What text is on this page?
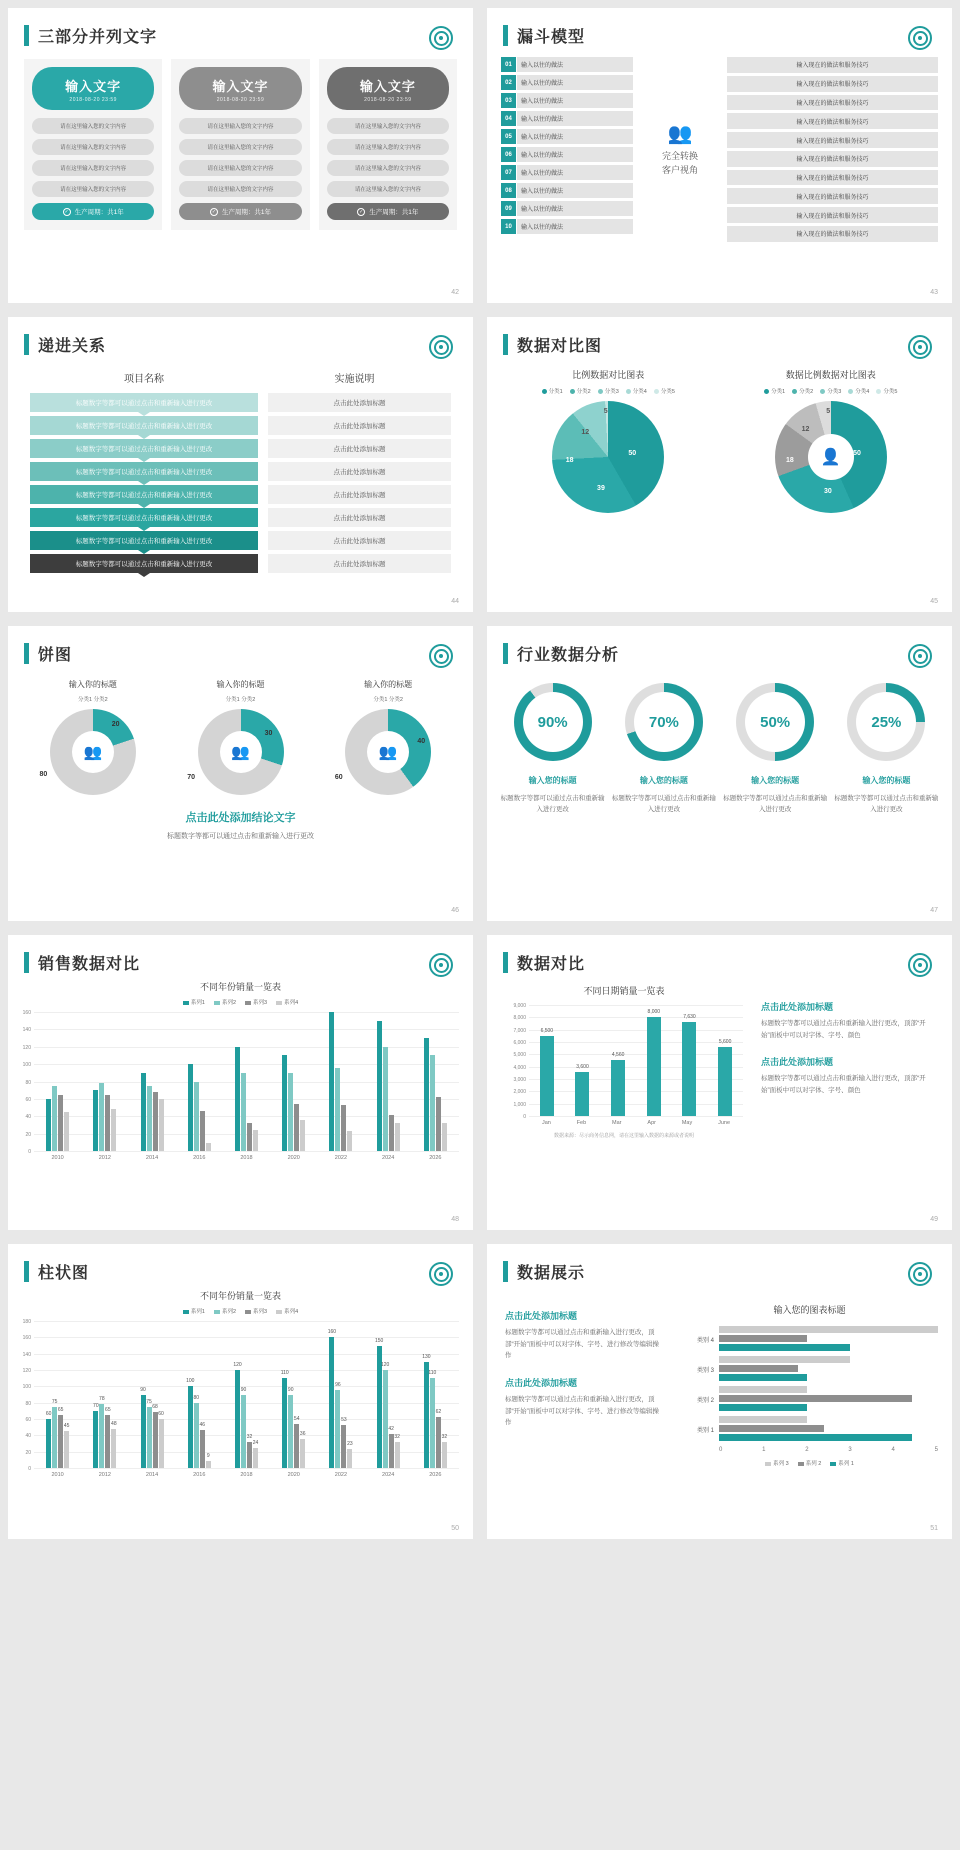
三部分并列文字
输入文字
2018-08-20 23:59
请在这里输入您的文字内容
请在这里输入您的文字内容
请在这里输入您的文字内容
请在这里输入您的文字内容
✓ 生产周期：共1年
输入文字
2018-08-20 23:59
请在这里输入您的文字内容
请在这里输入您的文字内容
请在这里输入您的文字内容
请在这里输入您的文字内容
✓ 生产周期：共1年
输入文字
2018-08-20 23:59
请在这里输入您的文字内容
请在这里输入您的文字内容
请在这里输入您的文字内容
请在这里输入您的文字内容
✓ 生产周期：共1年
42
漏斗模型
01	输入以往的做法
02	输入以往的做法
03	输入以往的做法
04	输入以往的做法
05	输入以往的做法
06	输入以往的做法
07	输入以往的做法
08	输入以往的做法
09	输入以往的做法
10	输入以往的做法
👥
完全转换
客户视角
输入现在的做法和服务技巧
输入现在的做法和服务技巧
输入现在的做法和服务技巧
输入现在的做法和服务技巧
输入现在的做法和服务技巧
输入现在的做法和服务技巧
输入现在的做法和服务技巧
输入现在的做法和服务技巧
输入现在的做法和服务技巧
输入现在的做法和服务技巧
43
递进关系
项目名称	实施说明
标题数字等都可以通过点击和重新输入进行更改	点击此处添加标题
标题数字等都可以通过点击和重新输入进行更改	点击此处添加标题
标题数字等都可以通过点击和重新输入进行更改	点击此处添加标题
标题数字等都可以通过点击和重新输入进行更改	点击此处添加标题
标题数字等都可以通过点击和重新输入进行更改	点击此处添加标题
标题数字等都可以通过点击和重新输入进行更改	点击此处添加标题
标题数字等都可以通过点击和重新输入进行更改	点击此处添加标题
标题数字等都可以通过点击和重新输入进行更改	点击此处添加标题
44
数据对比图
比例数据对比图表
分类1	分类2	分类3	分类4	分类5
50
39
18
12
5
数据比例数据对比图表
分类1	分类2	分类3	分类4	分类5
👤	50
30
18
12
5
45
饼图
输入你的标题
分类1 分类2
👥
20
80
输入你的标题
分类1 分类2
👥
30
70
输入你的标题
分类1 分类2
👥
40
60
点击此处添加结论文字
标题数字等都可以通过点击和重新输入进行更改
46
行业数据分析
90%
输入您的标题
标题数字等都可以通过点击和重新输入进行更改
70%
输入您的标题
标题数字等都可以通过点击和重新输入进行更改
50%
输入您的标题
标题数字等都可以通过点击和重新输入进行更改
25%
输入您的标题
标题数字等都可以通过点击和重新输入进行更改
47
销售数据对比
不同年份销量一览表
系列1	系列2	系列3	系列4
160
140
120
100
80
60
40
20
0
2010	2012	2014	2016	2018	2020	2022	2024	2026
48
数据对比
不同日期销量一览表
9,000
8,000
7,000
6,000
5,000
4,000
3,000
2,000
1,000
0
6,500
3,600
4,560
8,000
7,630
5,600
Jan	Feb	Mar	Apr	May	June
数据来源：尽示商务信息网，请在这里输入数据的来源或者说明
点击此处添加标题
标题数字等都可以通过点击和重新输入进行更改，顶部“开始”面板中可以对字体、字号、颜色
点击此处添加标题
标题数字等都可以通过点击和重新输入进行更改，顶部“开始”面板中可以对字体、字号、颜色
49
柱状图
不同年份销量一览表
系列1	系列2	系列3	系列4
180
160
140
120
100
80
60
40
20
0
60
75
65
45
70
78
65
48
90
75
68
60
100
80
46
9
120
90
32
24
110
90
54
36
160
96
53
23
150
120
42
32
130
110
62
32
2010	2012	2014	2016	2018	2020	2022	2024	2026
50
数据展示
点击此处添加标题
标题数字等都可以通过点击和重新输入进行更改，顶部“开始”面板中可以对字体、字号、进行修改等编辑操作
点击此处添加标题
标题数字等都可以通过点击和重新输入进行更改，顶部“开始”面板中可以对字体、字号、进行修改等编辑操作
输入您的图表标题
类别 4
类别 3
类别 2
类别 1
0	1	2	3	4	5
系列 3	系列 2	系列 1
51
